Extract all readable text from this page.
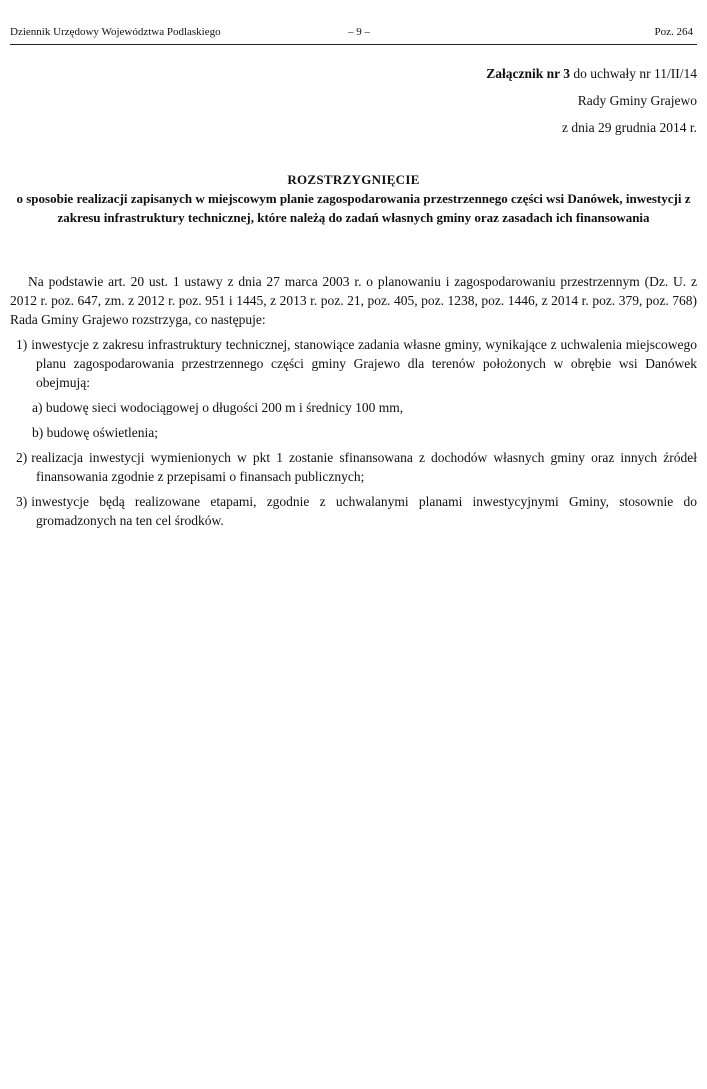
Dziennik Urzędowy Województwa Podlaskiego	– 9 –	Poz. 264
Załącznik nr 3 do uchwały nr 11/II/14
Rady Gminy Grajewo
z dnia 29 grudnia 2014 r.
ROZSTRZYGNIĘCIE
o sposobie realizacji zapisanych w miejscowym planie zagospodarowania przestrzennego części wsi Danówek, inwestycji z zakresu infrastruktury technicznej, które należą do zadań własnych gminy oraz zasadach ich finansowania

Na podstawie art. 20 ust. 1 ustawy z dnia 27 marca 2003 r. o planowaniu i zagospodarowaniu przestrzennym (Dz. U. z 2012 r. poz. 647, zm. z 2012 r. poz. 951 i 1445, z 2013 r. poz. 21, poz. 405, poz. 1238, poz. 1446, z 2014 r. poz. 379, poz. 768) Rada Gminy Grajewo rozstrzyga, co następuje:

1) inwestycje z zakresu infrastruktury technicznej, stanowiące zadania własne gminy, wynikające z uchwalenia miejscowego planu zagospodarowania przestrzennego części gminy Grajewo dla terenów położonych w obrębie wsi Danówek obejmują:

a) budowę sieci wodociągowej o długości 200 m i średnicy 100 mm,

b) budowę oświetlenia;

2) realizacja inwestycji wymienionych w pkt 1 zostanie sfinansowana z dochodów własnych gminy oraz innych źródeł finansowania zgodnie z przepisami o finansach publicznych;

3) inwestycje będą realizowane etapami, zgodnie z uchwalanymi planami inwestycyjnymi Gminy, stosownie do gromadzonych na ten cel środków.
